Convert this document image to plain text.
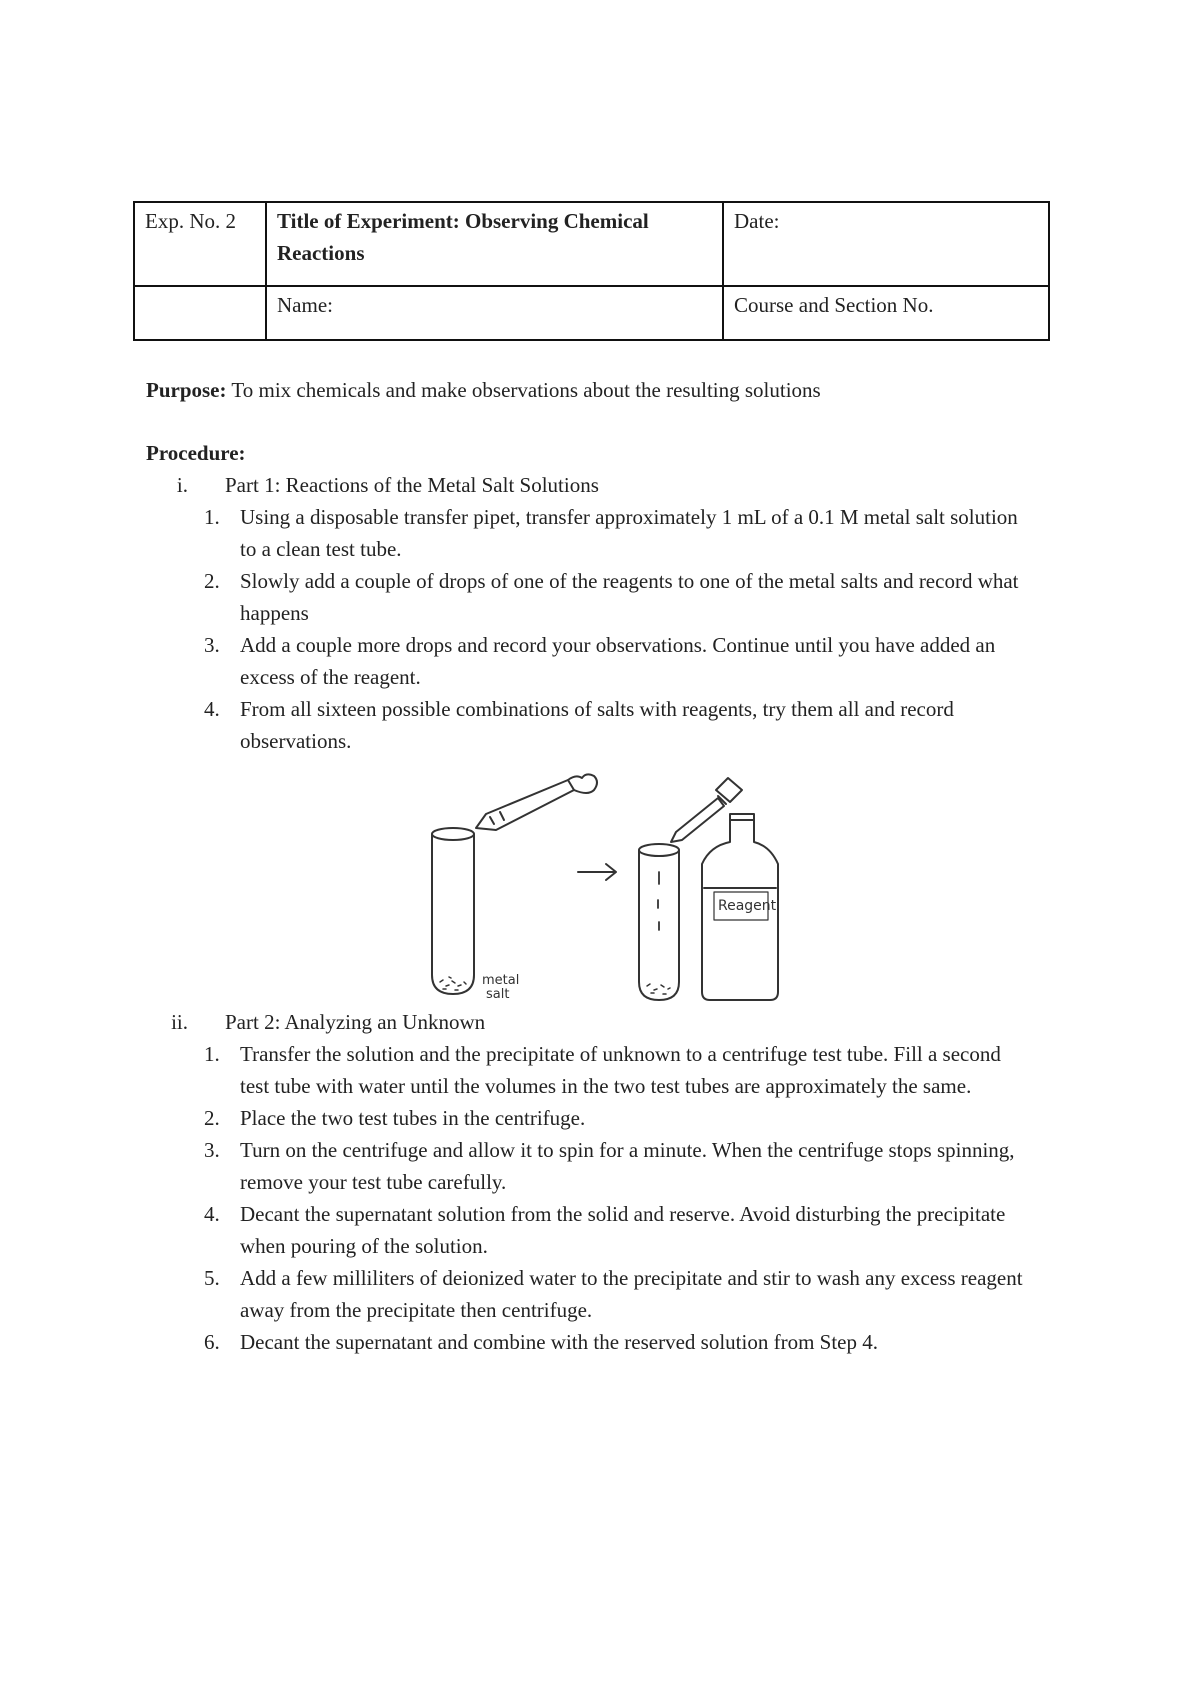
Exp. No. 2	Title of Experiment: Observing Chemical Reactions	Date:
	Name:	Course and Section No.
Purpose: To mix chemicals and make observations about the resulting solutions
Procedure:
i. Part 1: Reactions of the Metal Salt Solutions
1. Using a disposable transfer pipet, transfer approximately 1 mL of a 0.1 M metal salt solution to a clean test tube.
2. Slowly add a couple of drops of one of the reagents to one of the metal salts and record what happens
3. Add a couple more drops and record your observations. Continue until you have added an excess of the reagent.
4. From all sixteen possible combinations of salts with reagents, try them all and record observations.
metal
salt
Reagent
ii. Part 2: Analyzing an Unknown
1. Transfer the solution and the precipitate of unknown to a centrifuge test tube. Fill a second test tube with water until the volumes in the two test tubes are approximately the same.
2. Place the two test tubes in the centrifuge.
3. Turn on the centrifuge and allow it to spin for a minute. When the centrifuge stops spinning, remove your test tube carefully.
4. Decant the supernatant solution from the solid and reserve. Avoid disturbing the precipitate when pouring of the solution.
5. Add a few milliliters of deionized water to the precipitate and stir to wash any excess reagent away from the precipitate then centrifuge.
6. Decant the supernatant and combine with the reserved solution from Step 4.
